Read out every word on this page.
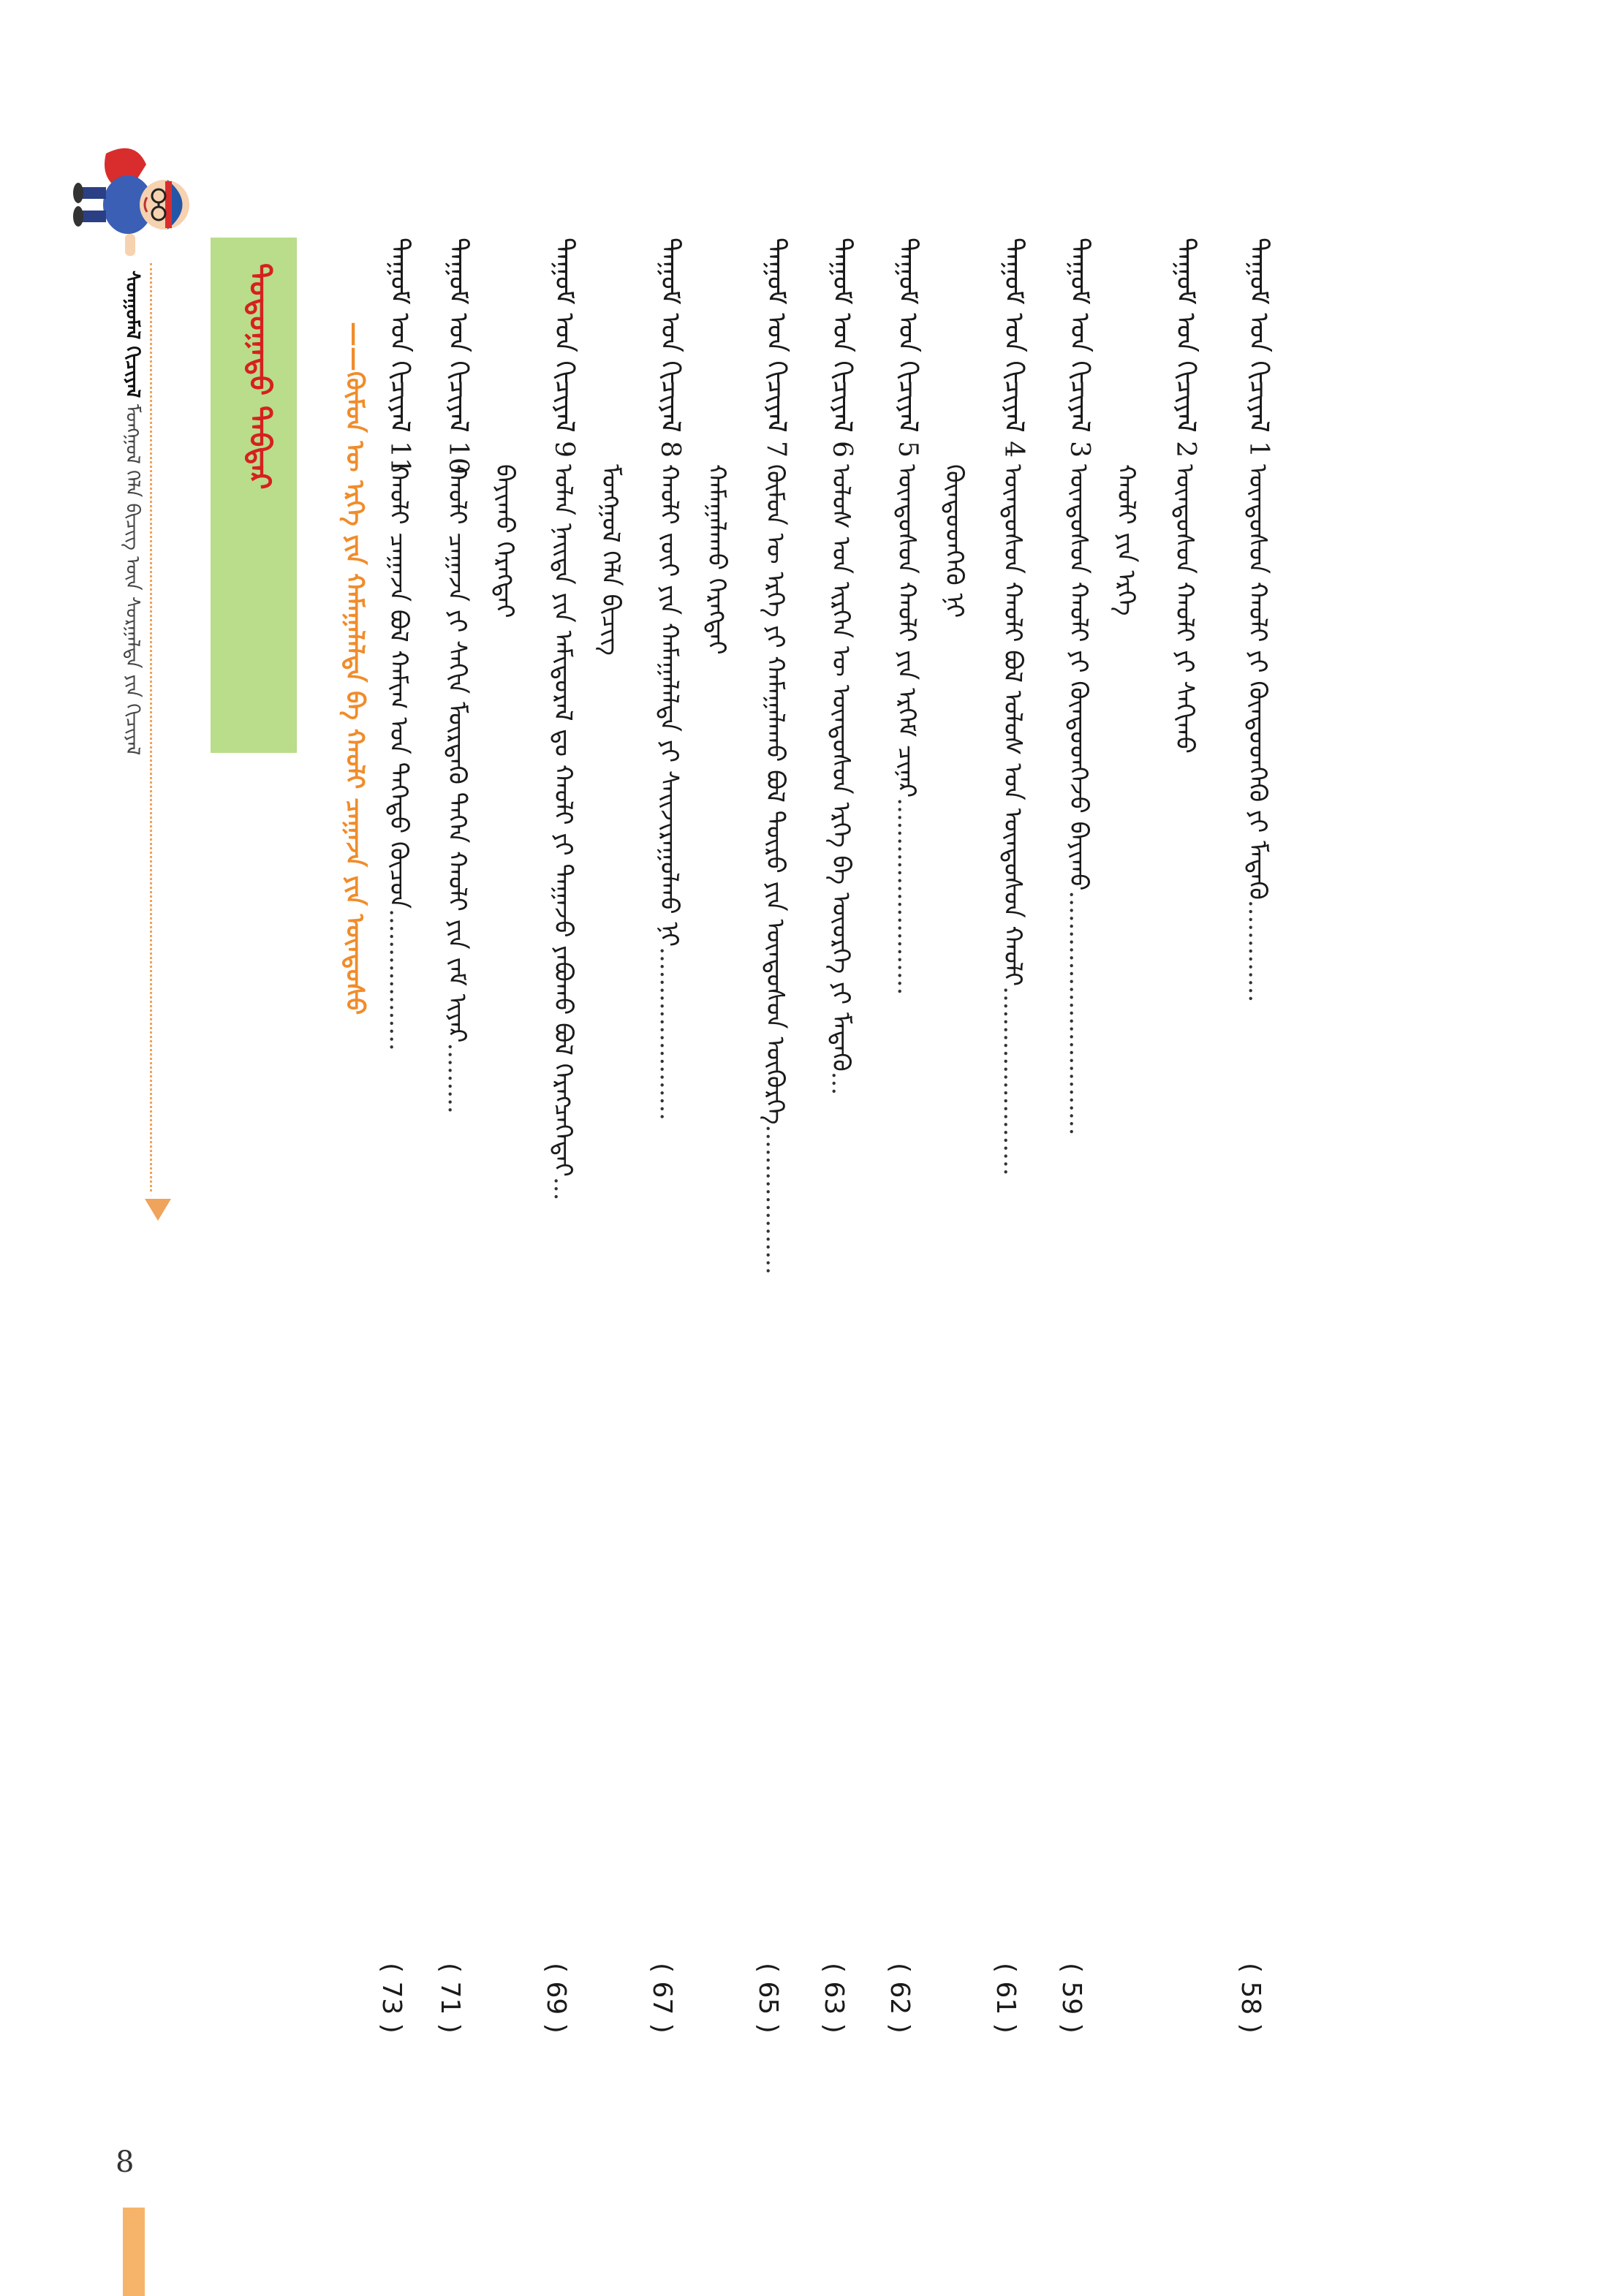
ᠰᠣᠨᠭᠣᠮᠠᠯ ᠬᠢᠴᠢᠶᠡᠯ ᠮᠣᠩᠭᠣᠯ ᠬᠡᠯᠡ ᠪᠢᠴᠢᠭ᠌ ᠦᠨ ᠰᠤᠷᠭᠠᠯᠲᠠ ᠶᠢᠨ ᠬᠢᠴᠢᠶᠡᠯ
ᠳᠣᠲᠣᠭᠠᠳᠤ ᠳᠡᠪᠲᠡᠷ	——ᠬᠦᠮᠦᠨ ᠦ ᠡᠷᠬᠡ ᠶᠢᠨ ᠬᠠᠮᠠᠭᠠᠯᠠᠯᠲᠠ ᠪᠠ ᠬᠠᠤᠯᠢ ᠴᠠᠭᠠᠵᠠ ᠶᠢᠨ ᠦᠨᠳᠦᠰᠦ ᠲᠠᠭᠤᠮ ᠤᠨ ᠬᠢᠴᠢᠶᠡᠯ 11
ᠬᠠᠤᠯᠢ ᠴᠠᠭᠠᠵᠠ ᠪᠣᠯ ᠬᠠᠮᠢᠭ ᠤᠨ ᠳᠡᠭᠡᠳᠦ ᠬᠦᠴᠦᠨ..................
( 73 )
ᠲᠠᠭᠤᠮ ᠤᠨ ᠬᠢᠴᠢᠶᠡᠯ 10
ᠬᠠᠤᠯᠢ ᠴᠠᠭᠠᠵᠠ ᠶᠢ ᠰᠠᠬᠢᠨ ᠮᠥᠷᠳᠡᠬᠦ ᠳᠡᠭᠡᠨ ᠬᠠᠤᠯᠢ ᠶᠢᠨ ᠵᠠᠮ ᠢᠶᠠᠷ.........
( 71 )
ᠪᠠᠶᠢᠬᠤ ᠬᠡᠷᠡᠭᠲᠡᠢ
ᠲᠠᠭᠤᠮ ᠤᠨ ᠬᠢᠴᠢᠶᠡᠯ 9
ᠣᠯᠠᠨ ᠨᠡᠢᠲᠡ ᠶᠢᠨ ᠠᠮᠢᠳᠤᠷᠠᠯ ᠳᠤ ᠬᠠᠤᠯᠢ ᠶᠢ ᠳᠠᠭᠠᠵᠤ ᠶᠠᠪᠤᠬᠤ ᠪᠣᠯ ᠬᠡᠷᠡᠭᠴᠡᠭᠡᠲᠡᠢ...
( 69 )
ᠮᠣᠩᠭᠣᠯ ᠬᠡᠯᠡ ᠪᠢᠴᠢᠭ᠌
ᠲᠠᠭᠤᠮ ᠤᠨ ᠬᠢᠴᠢᠶᠡᠯ 8
ᠬᠠᠤᠯᠢ ᠵᠦᠢ ᠶᠢᠨ ᠬᠠᠮᠠᠭᠠᠯᠠᠯᠲᠠ ᠶᠢ ᠰᠠᠢᠵᠢᠷᠠᠭᠤᠯᠬᠤ ᠨᠢ......................
( 67 )
ᠬᠠᠮᠠᠭᠠᠯᠠᠬᠤ ᠬᠡᠷᠡᠭᠲᠡᠢ
ᠲᠠᠭᠤᠮ ᠤᠨ ᠬᠢᠴᠢᠶᠡᠯ 7
ᠬᠦᠮᠦᠨ ᠦ ᠡᠷᠬᠡ ᠶᠢ ᠬᠠᠮᠠᠭᠠᠯᠠᠬᠤ ᠪᠣᠯ ᠲᠥᠷᠦ ᠶᠢᠨ ᠦᠨᠳᠦᠰᠦᠨ ᠦᠭᠦᠷᠭᠡ...................
( 65 )
ᠲᠠᠭᠤᠮ ᠤᠨ ᠬᠢᠴᠢᠶᠡᠯ 6
ᠤᠯᠤᠰ ᠤᠨ ᠢᠷᠭᠡᠨ ᠦ ᠦᠨᠳᠦᠰᠦᠨ ᠡᠷᠬᠡ ᠪᠠ ᠦᠦᠷᠭᠡ ᠶᠢ ᠮᠡᠳᠡᠬᠦ...
( 63 )
ᠲᠠᠭᠤᠮ ᠤᠨ ᠬᠢᠴᠢᠶᠡᠯ 5
ᠦᠨᠳᠦᠰᠦᠨ ᠬᠠᠤᠯᠢ ᠶᠢᠨ ᠡᠷᠬᠡᠮ ᠴᠢᠨᠠᠷ.........................
( 62 )
ᠬᠦᠨᠳᠦᠳᠬᠡᠬᠦ ᠨᠢ
ᠲᠠᠭᠤᠮ ᠤᠨ ᠬᠢᠴᠢᠶᠡᠯ 4
ᠦᠨᠳᠦᠰᠦᠨ ᠬᠠᠤᠯᠢ ᠪᠣᠯ ᠤᠯᠤᠰ ᠤᠨ ᠦᠨᠳᠦᠰᠦᠨ ᠬᠠᠤᠯᠢ........................
( 61 )
ᠲᠠᠭᠤᠮ ᠤᠨ ᠬᠢᠴᠢᠶᠡᠯ 3
ᠦᠨᠳᠦᠰᠦᠨ ᠬᠠᠤᠯᠢ ᠶᠢ ᠬᠦᠨᠳᠦᠳᠬᠡᠵᠦ ᠪᠠᠶᠢᠬᠤ...............................
( 59 )
ᠬᠠᠤᠯᠢ ᠶᠢᠨ ᠡᠷᠬᠡ
ᠲᠠᠭᠤᠮ ᠤᠨ ᠬᠢᠴᠢᠶᠡᠯ 2
ᠦᠨᠳᠦᠰᠦᠨ ᠬᠠᠤᠯᠢ ᠶᠢ ᠰᠠᠬᠢᠬᠤ
ᠲᠠᠭᠤᠮ ᠤᠨ ᠬᠢᠴᠢᠶᠡᠯ 1
ᠦᠨᠳᠦᠰᠦᠨ ᠬᠠᠤᠯᠢ ᠶᠢ ᠬᠦᠨᠳᠦᠳᠬᠡᠬᠦ ᠶᠢ ᠮᠡᠳᠡᠬᠦ.............
( 58 )
8
